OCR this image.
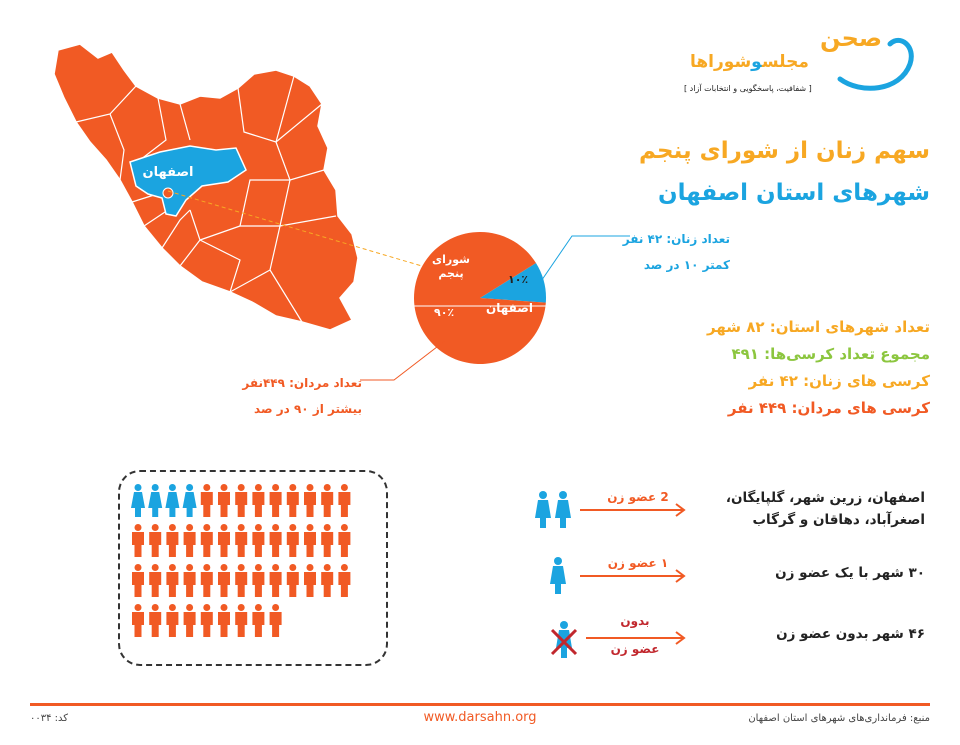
اصفهان
شورای پنجم
۹۰٪
۱۰٪
اصفهان
تعداد زنان: ۴۲ نفر
کمتر ۱۰ در صد
تعداد مردان: ۴۴۹نفر
بیشتر از ۹۰ در صد
صحن
مجلسوشوراها
[ شفافیت، پاسخگویی و انتخابات آزاد ]
سهم زنان از شورای پنجم
شهرهای استان اصفهان
تعداد شهرهای استان: ۸۲ شهر
مجموع تعداد کرسی‌ها: ۴۹۱
کرسی های زنان: ۴۲ نفر
کرسی های مردان: ۴۴۹ نفر
2 عضو زن	اصفهان، زرین شهر، گلپایگان،
اصغرآباد، دهاقان و گرگاب
۱ عضو زن
۳۰ شهر با یک عضو زن
بدون
عضو زن
۴۶ شهر بدون عضو زن
منبع: فرمانداری‌های شهرهای استان اصفهان
www.darsahn.org
کد: ۰۰۳۴
